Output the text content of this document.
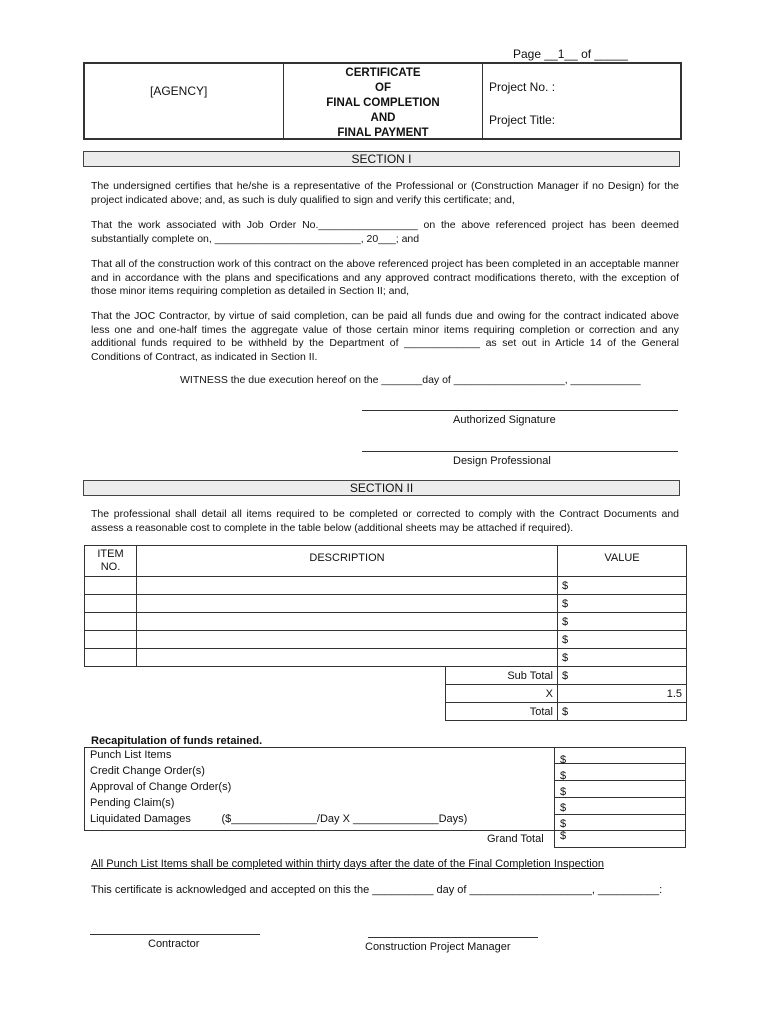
Page __1__ of _____
[AGENCY]
CERTIFICATE
OF
FINAL COMPLETION
AND
FINAL PAYMENT
Project No. :
Project Title:
SECTION I
The undersigned certifies that he/she is a representative of the Professional or (Construction Manager if no Design) for the project indicated above; and, as such is duly qualified to sign and verify this certificate; and,
That the work associated with Job Order No._________________ on the above referenced project has been deemed substantially complete on, _________________________, 20___; and
That all of the construction work of this contract on the above referenced project has been completed in an acceptable manner and in accordance with the plans and specifications and any approved contract modifications thereto, with the exception of those minor items requiring completion as detailed in Section II; and,
That the JOC Contractor, by virtue of said completion, can be paid all funds due and owing for the contract indicated above less one and one-half times the aggregate value of those certain minor items requiring completion or correction and any additional funds required to be withheld by the Department of _____________ as set out in Article 14 of the General Conditions of Contract, as indicated in Section II.
WITNESS the due execution hereof on the _______day of ___________________, ____________
Authorized Signature
Design Professional
SECTION II
The professional shall detail all items required to be completed or corrected to comply with the Contract Documents and assess a reasonable cost to complete in the table below (additional sheets may be attached if required).
ITEM NO.	DESCRIPTION		VALUE
			$
			$
			$
			$
			$
		Sub Total	$
		X	1.5
		Total	$
Recapitulation of funds retained.
Punch List Items	$
Credit Change Order(s)	$
Approval of Change Order(s)	$
Pending Claim(s)	$
Liquidated Damages          ($______________/Day X ______________Days)	$
Grand Total $
All Punch List Items shall be completed within thirty days after the date of the Final Completion Inspection
This certificate is acknowledged and accepted on this the __________ day of ____________________, __________:
Contractor	Construction Project Manager
